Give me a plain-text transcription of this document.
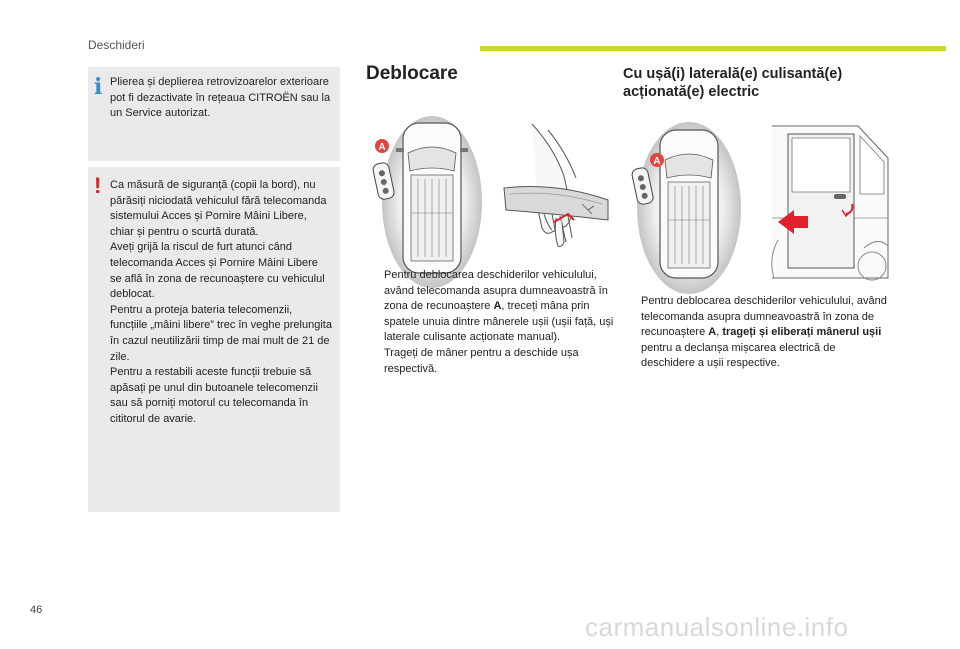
Deschideri
i Plierea și deplierea retrovizoarelor exterioare pot fi dezactivate în rețeaua CITROËN sau la un Service autorizat.

! Ca măsură de siguranță (copii la bord), nu părăsiți niciodată vehiculul fără telecomanda sistemului Acces și Pornire Mâini Libere, chiar și pentru o scurtă durată.

Aveți grijă la riscul de furt atunci când telecomanda Acces și Pornire Mâini Libere se află în zona de recunoaștere cu vehiculul deblocat.

Pentru a proteja bateria telecomenzii, funcțiile „mâini libere” trec în veghe prelungita în cazul neutilizării timp de mai mult de 21 de zile.

Pentru a restabili aceste funcții trebuie să apăsați pe unul din butoanele telecomenzii sau să porniți motorul cu telecomanda în cititorul de avarie.

Deblocare
A

Pentru deblocarea deschiderilor vehiculului, având telecomanda asupra dumneavoastră în zona de recunoaștere A, treceți mâna prin spatele unuia dintre mânerele ușii (ușii față, uși laterale culisante acționate manual).

Trageți de mâner pentru a deschide ușa respectivă.

Cu ușă(i) laterală(e) culisantă(e) acționată(e) electric
A

Pentru deblocarea deschiderilor vehiculului, având telecomanda asupra dumneavoastră în zona de recunoaștere A, trageți și eliberați mânerul ușii pentru a declanșa mișcarea electrică de deschidere a ușii respective.

46
carmanualsonline.info
